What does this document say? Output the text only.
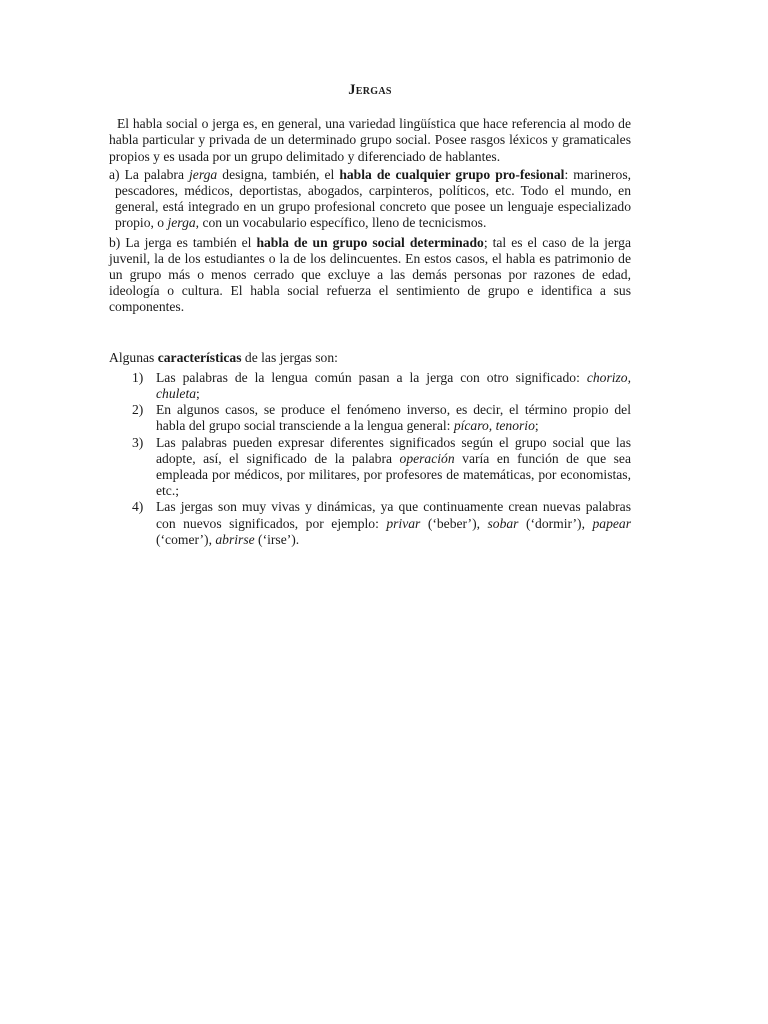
Jergas

El habla social o jerga es, en general, una variedad lingüística que hace referencia al modo de habla particular y privada de un determinado grupo social. Posee rasgos léxicos y gramaticales propios y es usada por un grupo delimitado y diferenciado de hablantes.

a) La palabra jerga designa, también, el habla de cualquier grupo pro-fesional: marineros, pescadores, médicos, deportistas, abogados, carpinteros, políticos, etc. Todo el mundo, en general, está integrado en un grupo profesional concreto que posee un lenguaje especializado propio, o jerga, con un vocabulario específico, lleno de tecnicismos.

b) La jerga es también el habla de un grupo social determinado; tal es el caso de la jerga juvenil, la de los estudiantes o la de los delincuentes. En estos casos, el habla es patrimonio de un grupo más o menos cerrado que excluye a las demás personas por razones de edad, ideología o cultura. El habla social refuerza el sentimiento de grupo e identifica a sus componentes.

Algunas características de las jergas son:

1) Las palabras de la lengua común pasan a la jerga con otro significado: chorizo, chuleta;
2) En algunos casos, se produce el fenómeno inverso, es decir, el término propio del habla del grupo social transciende a la lengua general: pícaro, tenorio;
3) Las palabras pueden expresar diferentes significados según el grupo social que las adopte, así, el significado de la palabra operación varía en función de que sea empleada por médicos, por militares, por profesores de matemáticas, por economistas, etc.;
4) Las jergas son muy vivas y dinámicas, ya que continuamente crean nuevas palabras con nuevos significados, por ejemplo: privar (‘beber’), sobar (‘dormir’), papear (‘comer’), abrirse (‘irse’).
